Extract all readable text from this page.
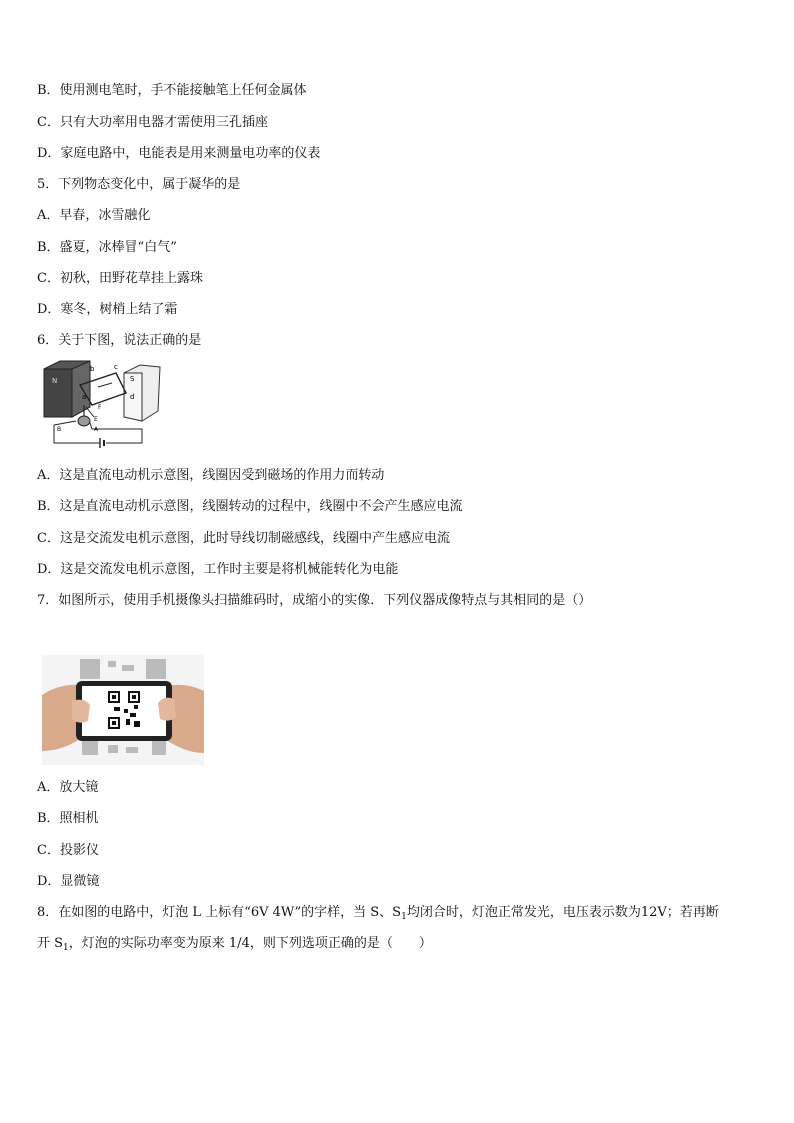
B．使用测电笔时，手不能接触笔上任何金属体
C．只有大功率用电器才需使用三孔插座
D．家庭电路中，电能表是用来测量电功率的仪表
5．下列物态变化中，属于凝华的是
A．早春，冰雪融化
B．盛夏，冰棒冒“白气”
C．初秋，田野花草挂上露珠
D．寒冬，树梢上结了霜
6．关于下图，说法正确的是
b	c
S
N
d
a
F
E
B	A
A．这是直流电动机示意图，线圈因受到磁场的作用力而转动
B．这是直流电动机示意图，线圈转动的过程中，线圈中不会产生感应电流
C．这是交流发电机示意图，此时导线切制磁感线，线圈中产生感应电流
D．这是交流发电机示意图，工作时主要是将机械能转化为电能
7．如图所示，使用手机摄像头扫描維码时，成缩小的实像．下列仪器成像特点与其相同的是（）
A．放大镜
B．照相机
C．投影仪
D．显微镜
8．在如图的电路中，灯泡 L 上标有“6V 4W”的字样，当 S、$S_1$均闭合时，灯泡正常发光，电压表示数为12V；若再断
开 $S_1$，灯泡的实际功率变为原来 1/4，则下列选项正确的是（　　）
